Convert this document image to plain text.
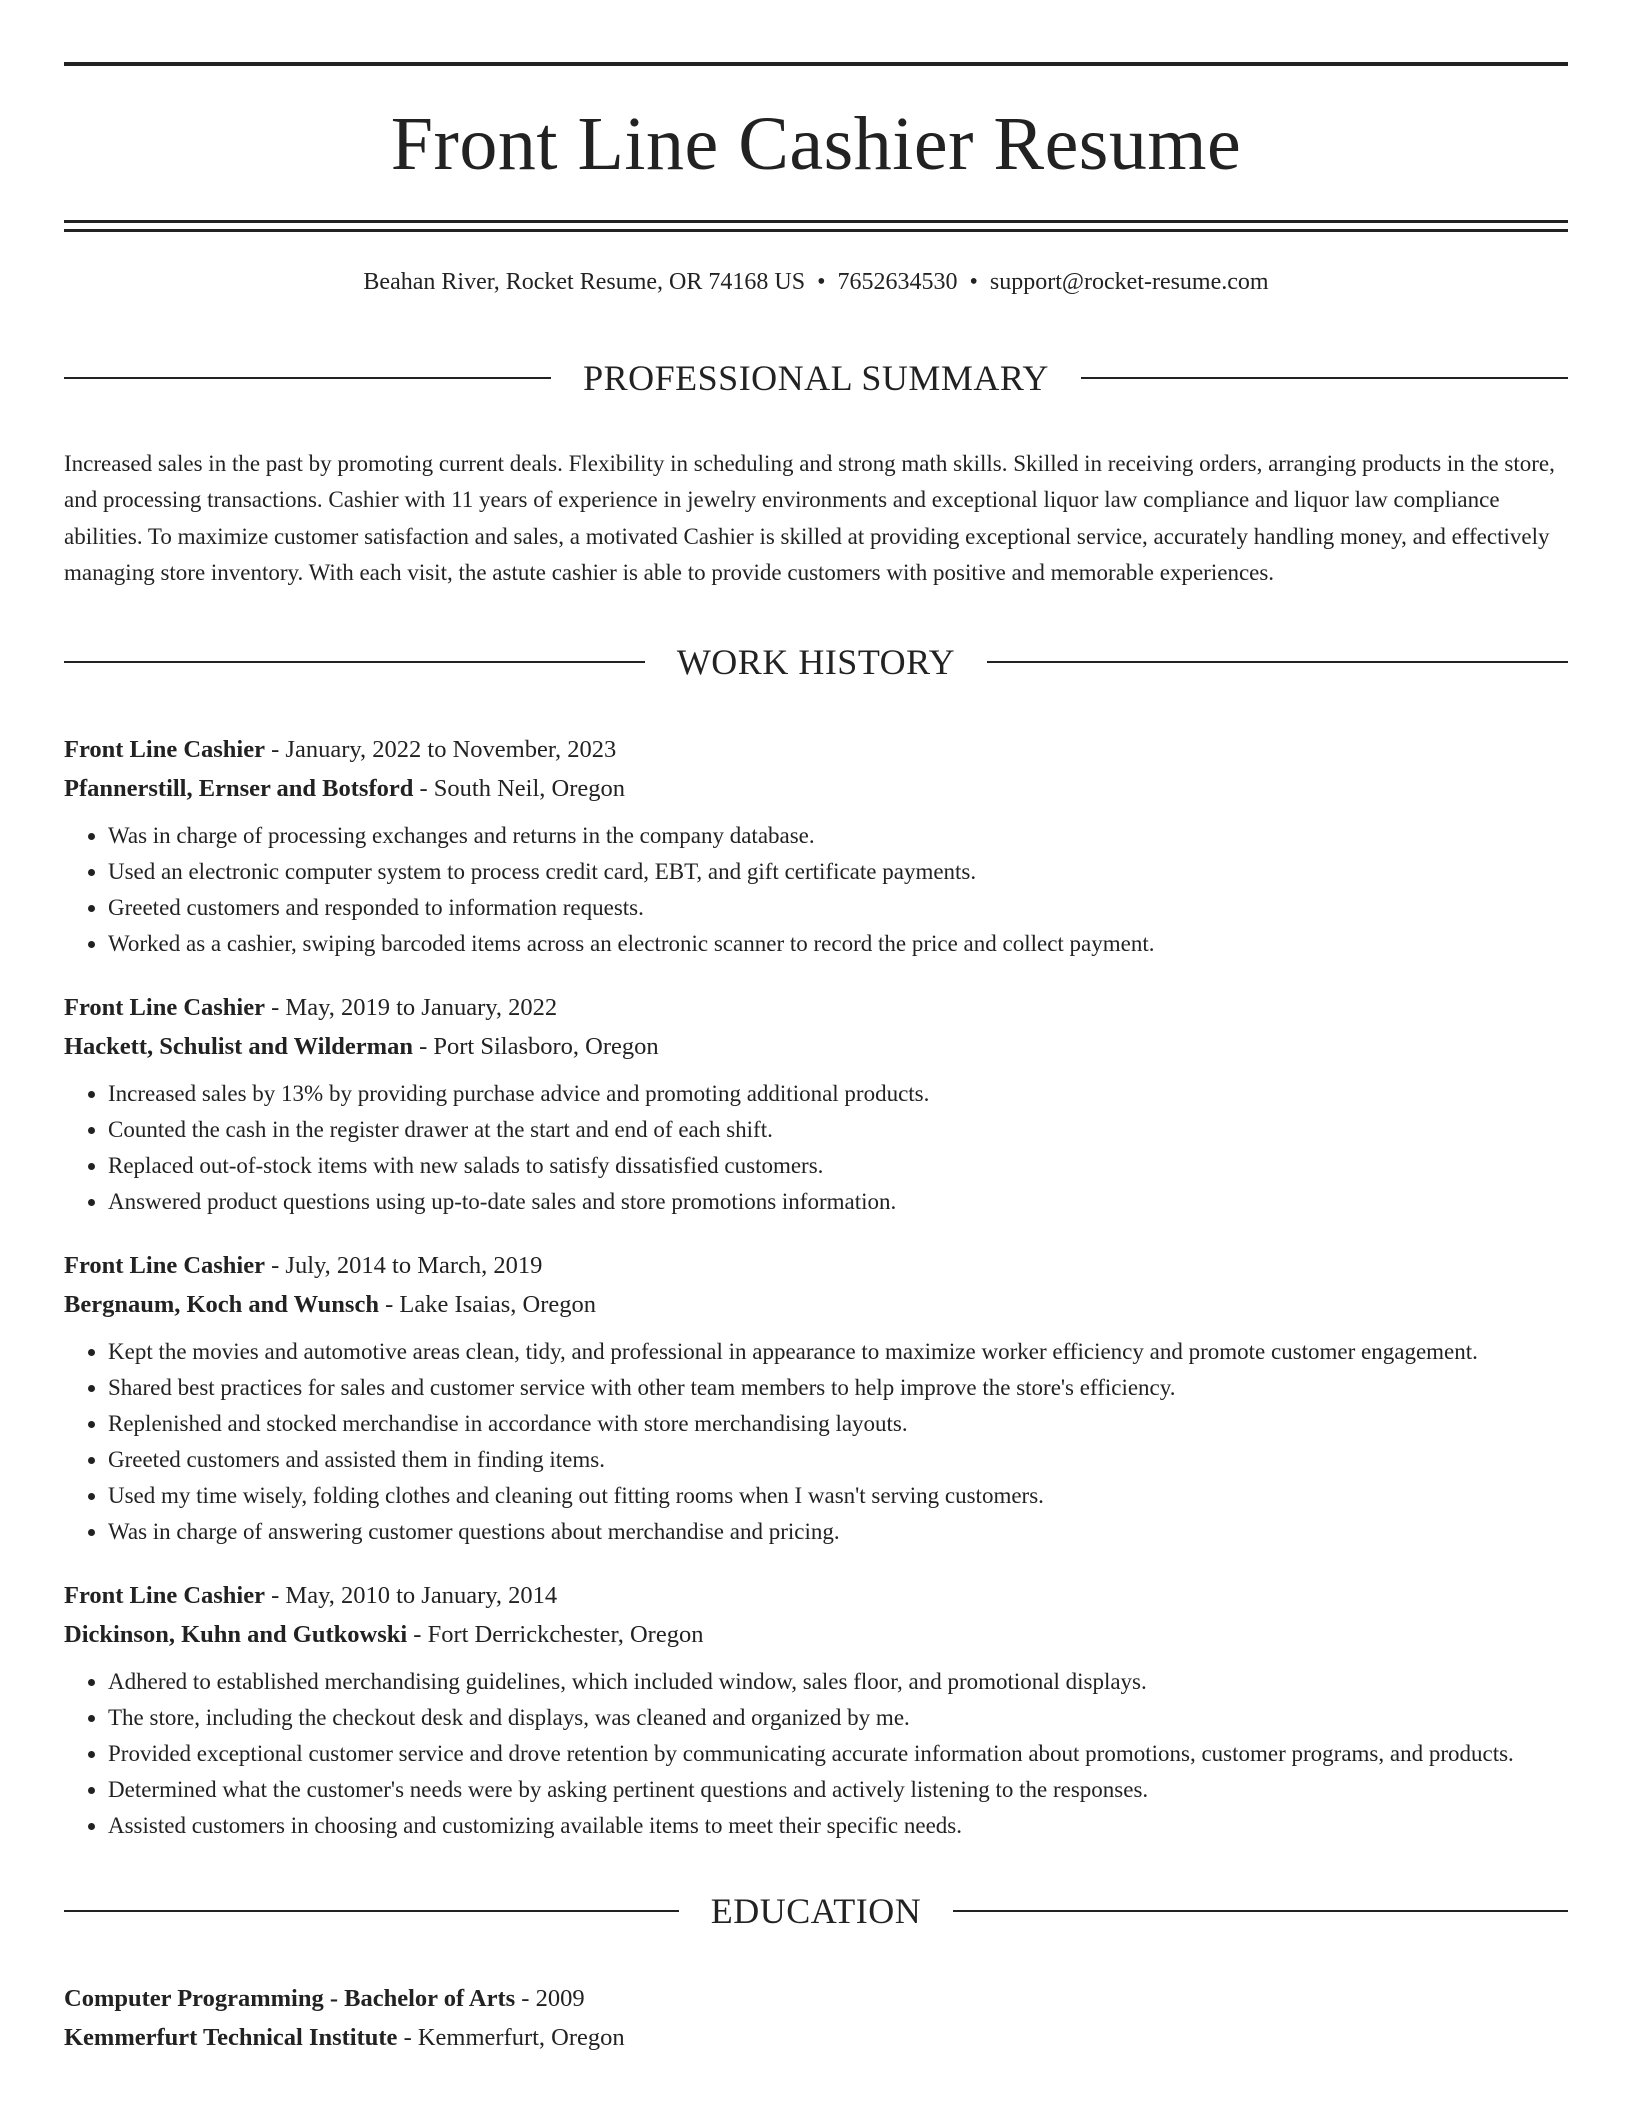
Front Line Cashier Resume
Beahan River, Rocket Resume, OR 74168 US • 7652634530 • support@rocket-resume.com
PROFESSIONAL SUMMARY

Increased sales in the past by promoting current deals. Flexibility in scheduling and strong math skills. Skilled in receiving orders, arranging products in the store, and processing transactions. Cashier with 11 years of experience in jewelry environments and exceptional liquor law compliance and liquor law compliance abilities. To maximize customer satisfaction and sales, a motivated Cashier is skilled at providing exceptional service, accurately handling money, and effectively managing store inventory. With each visit, the astute cashier is able to provide customers with positive and memorable experiences.

WORK HISTORY
Front Line Cashier - January, 2022 to November, 2023
Pfannerstill, Ernser and Botsford - South Neil, Oregon
• Was in charge of processing exchanges and returns in the company database.
• Used an electronic computer system to process credit card, EBT, and gift certificate payments.
• Greeted customers and responded to information requests.
• Worked as a cashier, swiping barcoded items across an electronic scanner to record the price and collect payment.
Front Line Cashier - May, 2019 to January, 2022
Hackett, Schulist and Wilderman - Port Silasboro, Oregon
• Increased sales by 13% by providing purchase advice and promoting additional products.
• Counted the cash in the register drawer at the start and end of each shift.
• Replaced out-of-stock items with new salads to satisfy dissatisfied customers.
• Answered product questions using up-to-date sales and store promotions information.
Front Line Cashier - July, 2014 to March, 2019
Bergnaum, Koch and Wunsch - Lake Isaias, Oregon
• Kept the movies and automotive areas clean, tidy, and professional in appearance to maximize worker efficiency and promote customer engagement.
• Shared best practices for sales and customer service with other team members to help improve the store's efficiency.
• Replenished and stocked merchandise in accordance with store merchandising layouts.
• Greeted customers and assisted them in finding items.
• Used my time wisely, folding clothes and cleaning out fitting rooms when I wasn't serving customers.
• Was in charge of answering customer questions about merchandise and pricing.
Front Line Cashier - May, 2010 to January, 2014
Dickinson, Kuhn and Gutkowski - Fort Derrickchester, Oregon
• Adhered to established merchandising guidelines, which included window, sales floor, and promotional displays.
• The store, including the checkout desk and displays, was cleaned and organized by me.
• Provided exceptional customer service and drove retention by communicating accurate information about promotions, customer programs, and products.
• Determined what the customer's needs were by asking pertinent questions and actively listening to the responses.
• Assisted customers in choosing and customizing available items to meet their specific needs.
EDUCATION
Computer Programming - Bachelor of Arts - 2009
Kemmerfurt Technical Institute - Kemmerfurt, Oregon
